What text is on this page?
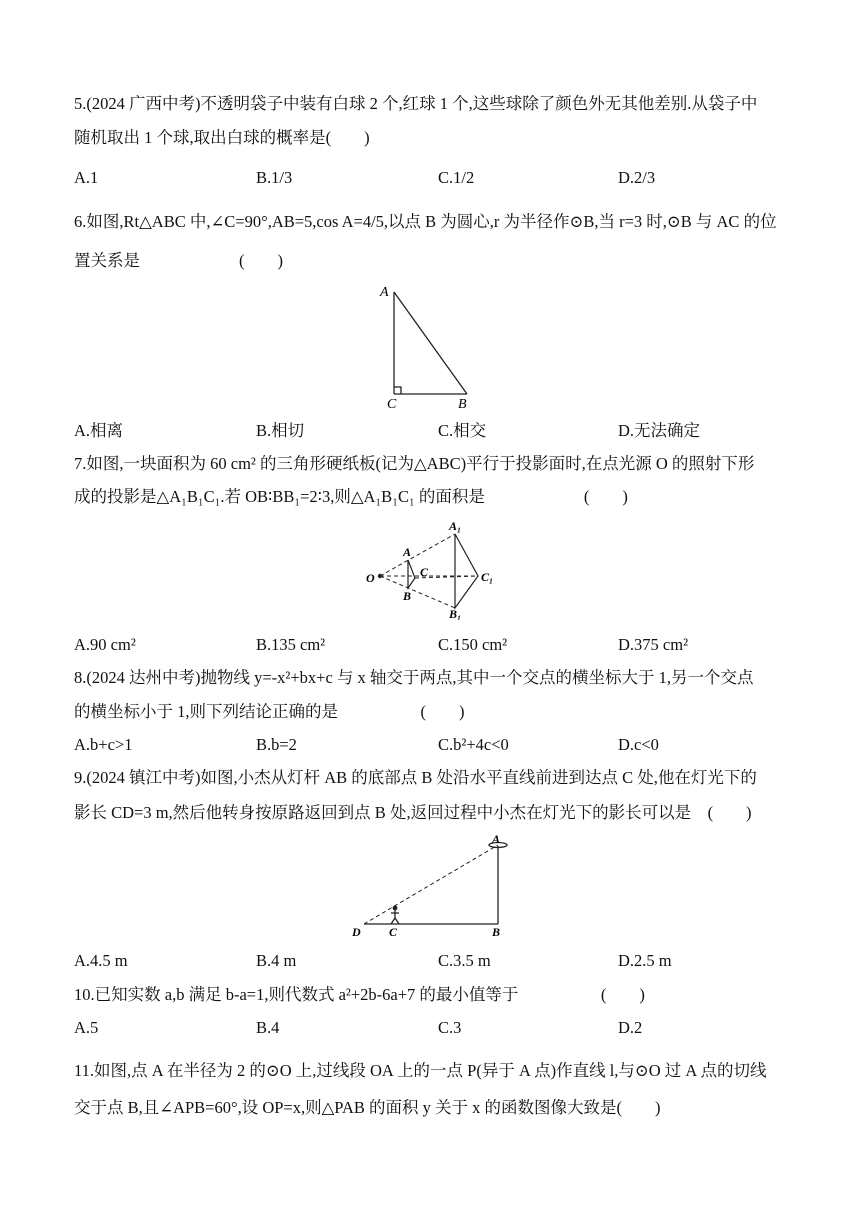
5.(2024 广西中考)不透明袋子中装有白球 2 个,红球 1 个,这些球除了颜色外无其他差别.从袋子中
随机取出 1 个球,取出白球的概率是(　　)
A.1	B.1/3	C.1/2	D.2/3
6.如图,Rt△ABC 中,∠C=90°,AB=5,cos A=4/5,以点 B 为圆心,r 为半径作⊙B,当 r=3 时,⊙B 与 AC 的位
置关系是　　　　　　(　　)
A
C	B
A.相离	B.相切	C.相交	D.无法确定
7.如图,一块面积为 60 cm² 的三角形硬纸板(记为△ABC)平行于投影面时,在点光源 O 的照射下形
成的投影是△A₁B₁C₁.若 OB∶BB₁=2∶3,则△A₁B₁C₁ 的面积是　　　　　　(　　)
O
A
B
C
A₁
B₁
C₁
A.90 cm²	B.135 cm²	C.150 cm²	D.375 cm²
8.(2024 达州中考)抛物线 y=-x²+bx+c 与 x 轴交于两点,其中一个交点的横坐标大于 1,另一个交点
的横坐标小于 1,则下列结论正确的是　　　　　(　　)
A.b+c>1	B.b=2	C.b²+4c<0	D.c<0
9.(2024 镇江中考)如图,小杰从灯杆 AB 的底部点 B 处沿水平直线前进到达点 C 处,他在灯光下的
影长 CD=3 m,然后他转身按原路返回到点 B 处,返回过程中小杰在灯光下的影长可以是　(　　)
A
D C	B
A.4.5 m	B.4 m	C.3.5 m	D.2.5 m
10.已知实数 a,b 满足 b-a=1,则代数式 a²+2b-6a+7 的最小值等于　　　　　(　　)
A.5	B.4	C.3	D.2
11.如图,点 A 在半径为 2 的⊙O 上,过线段 OA 上的一点 P(异于 A 点)作直线 l,与⊙O 过 A 点的切线
交于点 B,且∠APB=60°,设 OP=x,则△PAB 的面积 y 关于 x 的函数图像大致是(　　)
